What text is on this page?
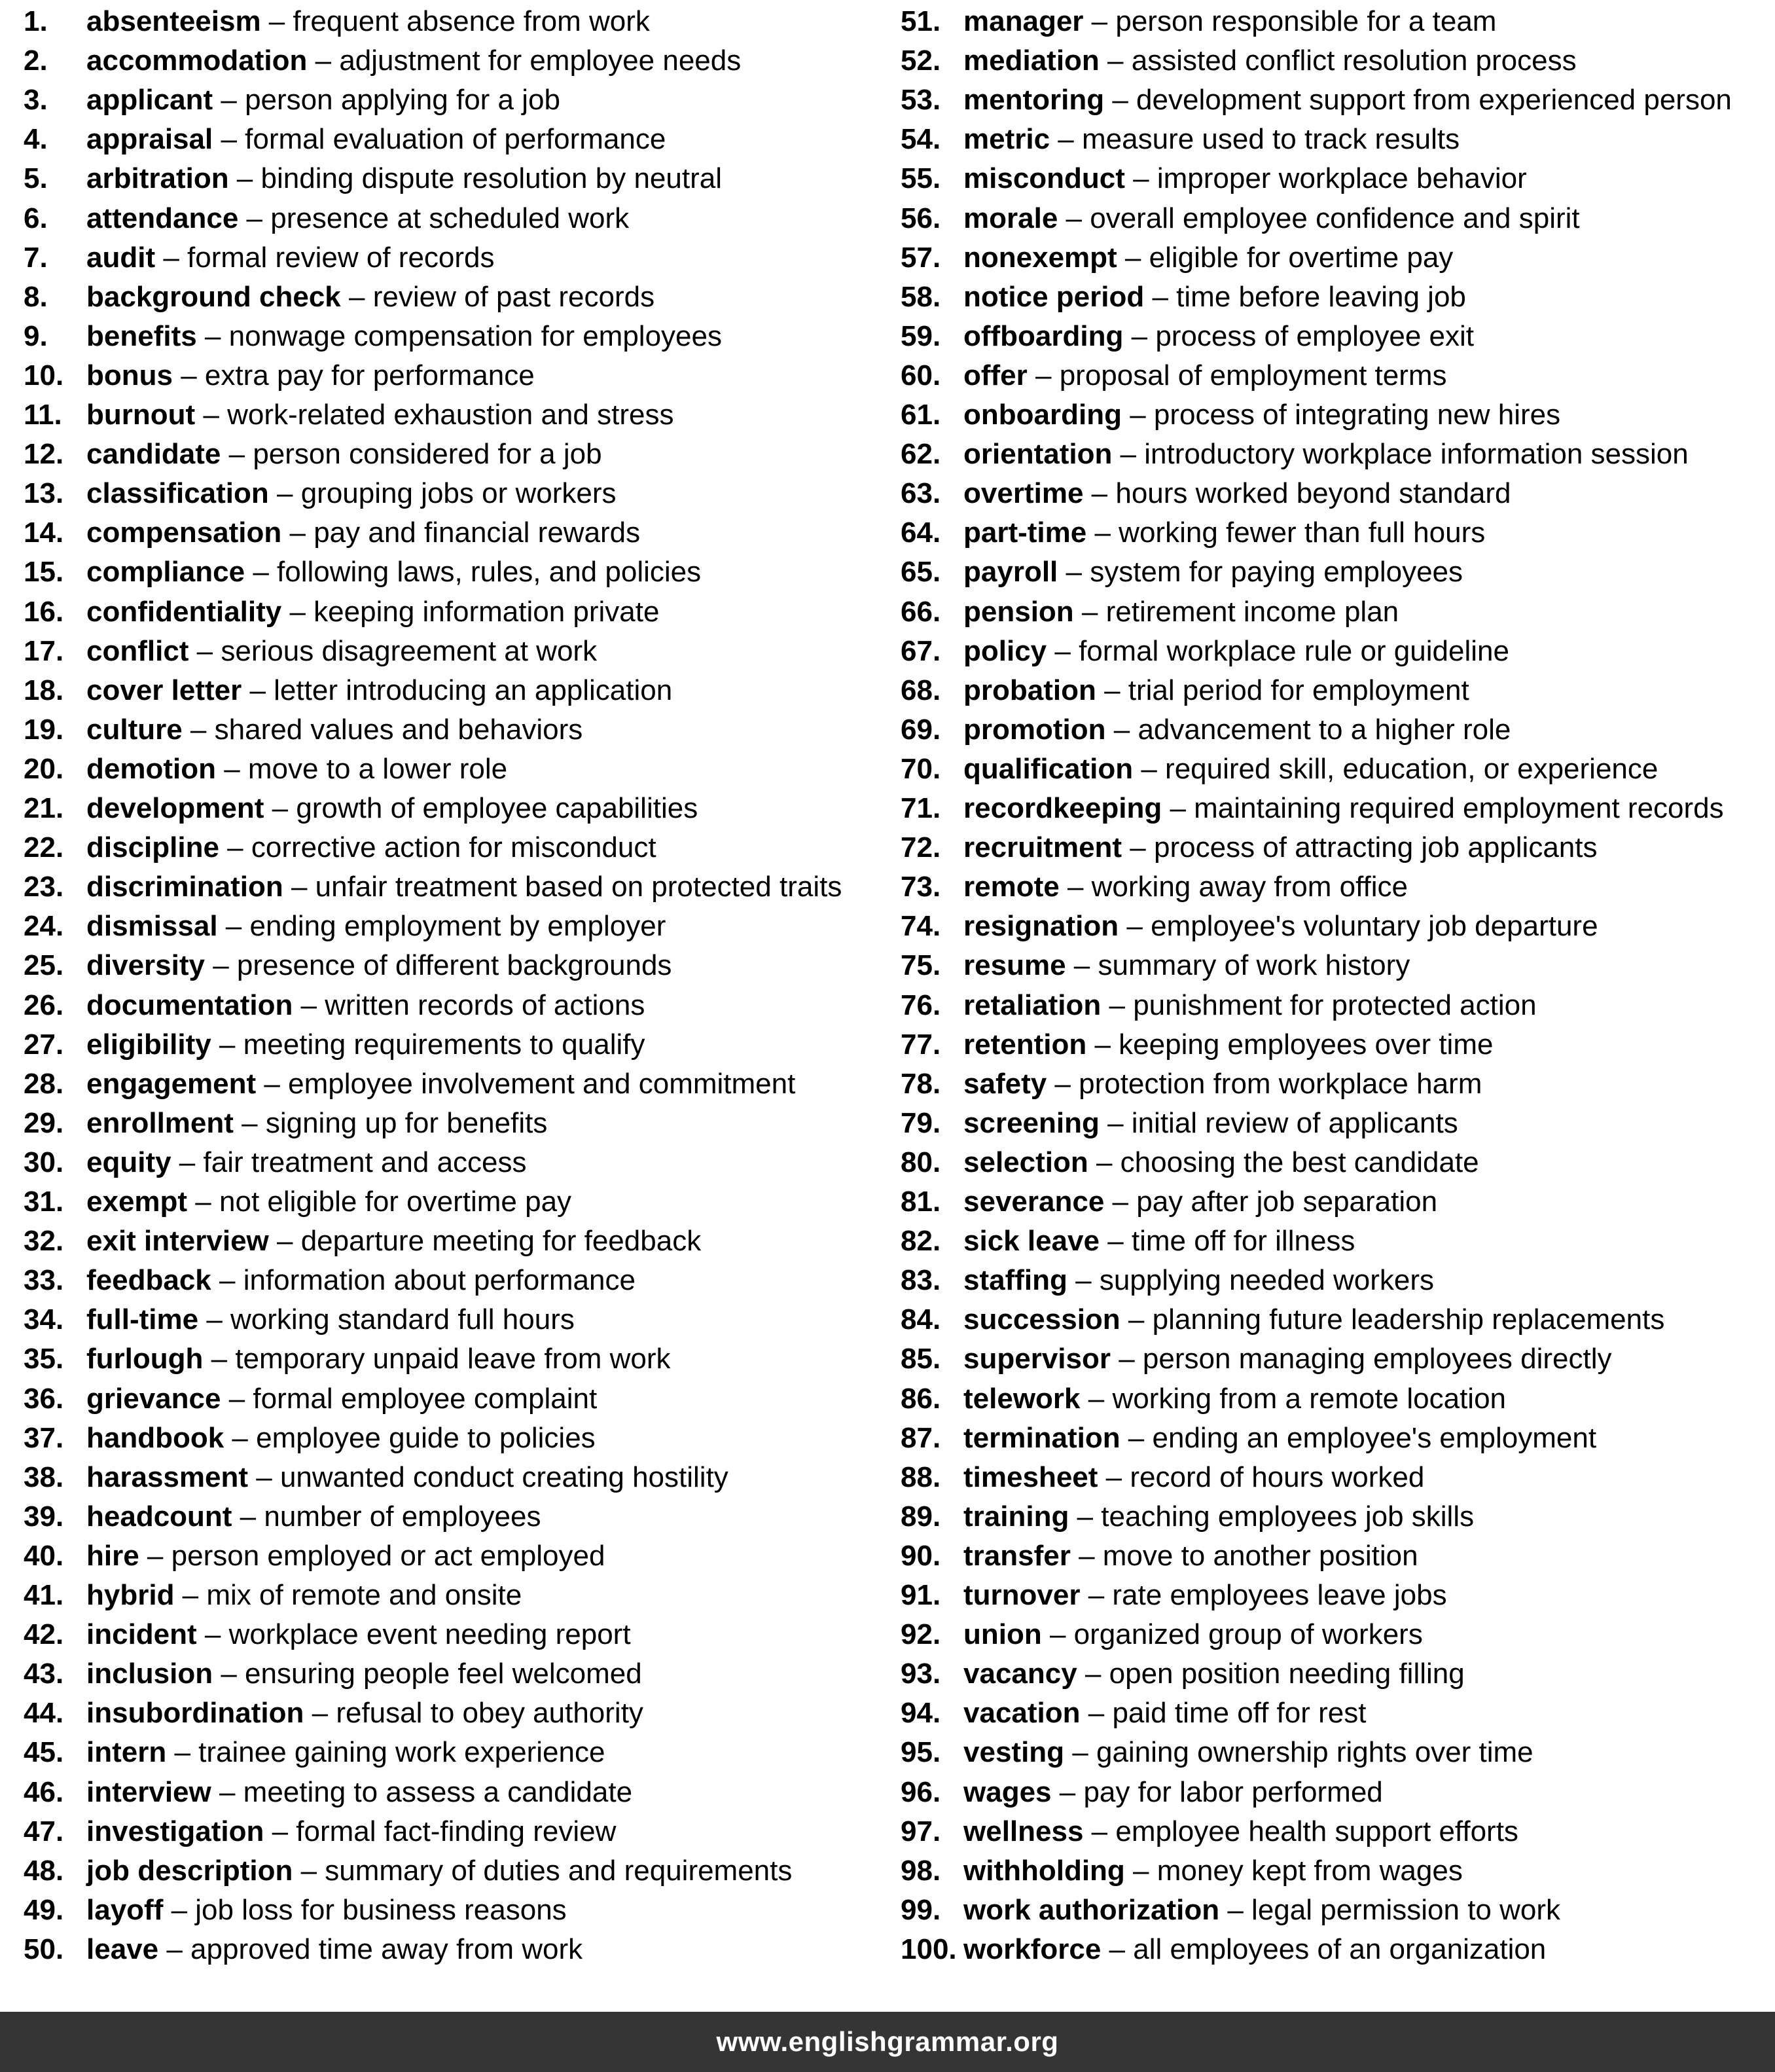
1. absenteeism – frequent absence from work
2. accommodation – adjustment for employee needs
3. applicant – person applying for a job
4. appraisal – formal evaluation of performance
5. arbitration – binding dispute resolution by neutral
6. attendance – presence at scheduled work
7. audit – formal review of records
8. background check – review of past records
9. benefits – nonwage compensation for employees
10. bonus – extra pay for performance
11. burnout – work-related exhaustion and stress
12. candidate – person considered for a job
13. classification – grouping jobs or workers
14. compensation – pay and financial rewards
15. compliance – following laws, rules, and policies
16. confidentiality – keeping information private
17. conflict – serious disagreement at work
18. cover letter – letter introducing an application
19. culture – shared values and behaviors
20. demotion – move to a lower role
21. development – growth of employee capabilities
22. discipline – corrective action for misconduct
23. discrimination – unfair treatment based on protected traits
24. dismissal – ending employment by employer
25. diversity – presence of different backgrounds
26. documentation – written records of actions
27. eligibility – meeting requirements to qualify
28. engagement – employee involvement and commitment
29. enrollment – signing up for benefits
30. equity – fair treatment and access
31. exempt – not eligible for overtime pay
32. exit interview – departure meeting for feedback
33. feedback – information about performance
34. full-time – working standard full hours
35. furlough – temporary unpaid leave from work
36. grievance – formal employee complaint
37. handbook – employee guide to policies
38. harassment – unwanted conduct creating hostility
39. headcount – number of employees
40. hire – person employed or act employed
41. hybrid – mix of remote and onsite
42. incident – workplace event needing report
43. inclusion – ensuring people feel welcomed
44. insubordination – refusal to obey authority
45. intern – trainee gaining work experience
46. interview – meeting to assess a candidate
47. investigation – formal fact-finding review
48. job description – summary of duties and requirements
49. layoff – job loss for business reasons
50. leave – approved time away from work
51. manager – person responsible for a team
52. mediation – assisted conflict resolution process
53. mentoring – development support from experienced person
54. metric – measure used to track results
55. misconduct – improper workplace behavior
56. morale – overall employee confidence and spirit
57. nonexempt – eligible for overtime pay
58. notice period – time before leaving job
59. offboarding – process of employee exit
60. offer – proposal of employment terms
61. onboarding – process of integrating new hires
62. orientation – introductory workplace information session
63. overtime – hours worked beyond standard
64. part-time – working fewer than full hours
65. payroll – system for paying employees
66. pension – retirement income plan
67. policy – formal workplace rule or guideline
68. probation – trial period for employment
69. promotion – advancement to a higher role
70. qualification – required skill, education, or experience
71. recordkeeping – maintaining required employment records
72. recruitment – process of attracting job applicants
73. remote – working away from office
74. resignation – employee's voluntary job departure
75. resume – summary of work history
76. retaliation – punishment for protected action
77. retention – keeping employees over time
78. safety – protection from workplace harm
79. screening – initial review of applicants
80. selection – choosing the best candidate
81. severance – pay after job separation
82. sick leave – time off for illness
83. staffing – supplying needed workers
84. succession – planning future leadership replacements
85. supervisor – person managing employees directly
86. telework – working from a remote location
87. termination – ending an employee's employment
88. timesheet – record of hours worked
89. training – teaching employees job skills
90. transfer – move to another position
91. turnover – rate employees leave jobs
92. union – organized group of workers
93. vacancy – open position needing filling
94. vacation – paid time off for rest
95. vesting – gaining ownership rights over time
96. wages – pay for labor performed
97. wellness – employee health support efforts
98. withholding – money kept from wages
99. work authorization – legal permission to work
100. workforce – all employees of an organization
www.englishgrammar.org
